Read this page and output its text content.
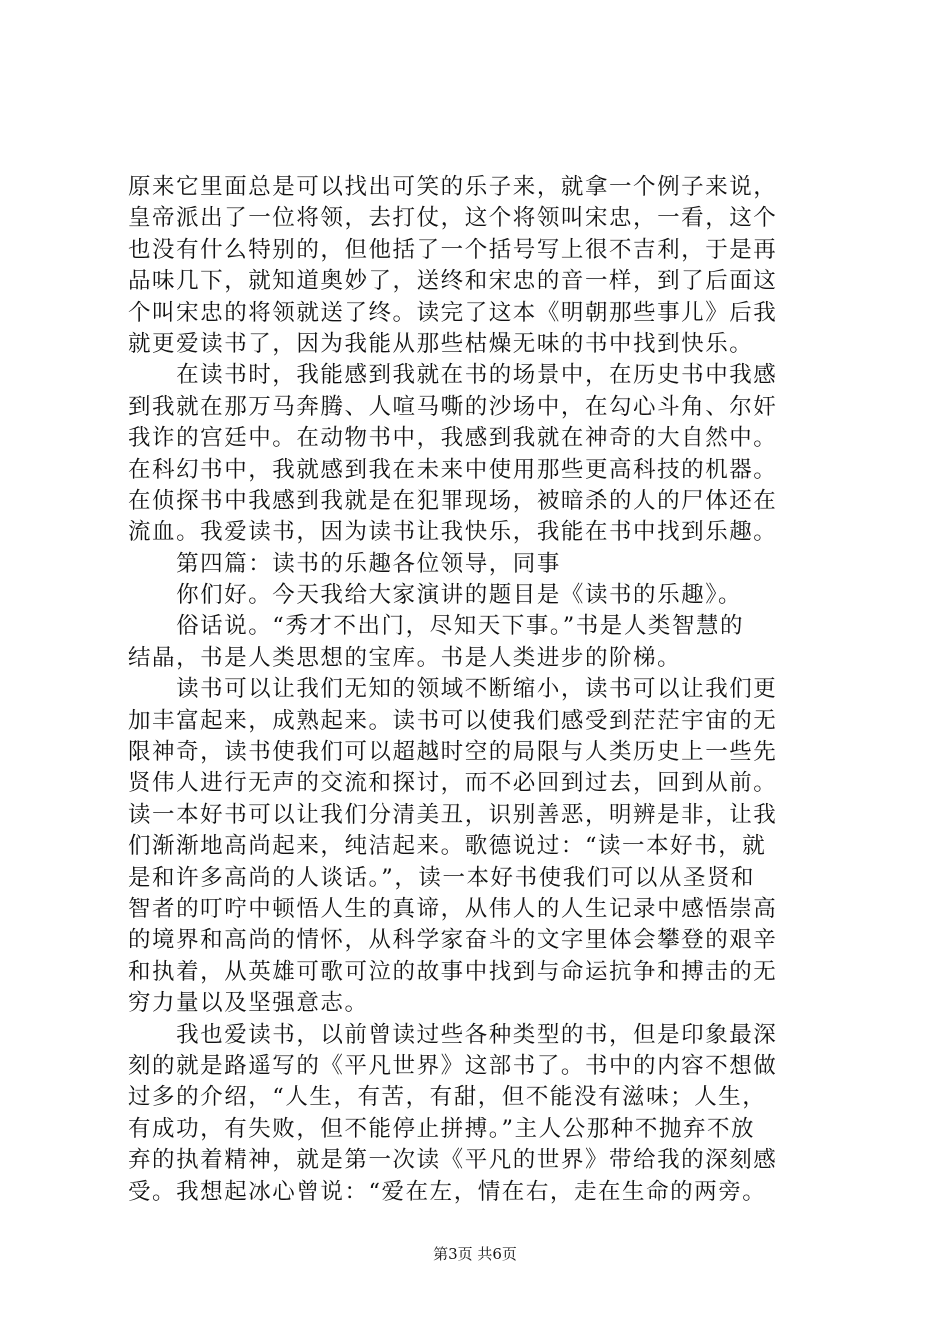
原来它里面总是可以找出可笑的乐子来，就拿一个例子来说，
皇帝派出了一位将领，去打仗，这个将领叫宋忠，一看，这个
也没有什么特别的，但他括了一个括号写上很不吉利，于是再
品味几下，就知道奥妙了，送终和宋忠的音一样，到了后面这
个叫宋忠的将领就送了终。读完了这本《明朝那些事儿》后我
就更爱读书了，因为我能从那些枯燥无味的书中找到快乐。
　　在读书时，我能感到我就在书的场景中，在历史书中我感
到我就在那万马奔腾、人喧马嘶的沙场中，在勾心斗角、尔奸
我诈的宫廷中。在动物书中，我感到我就在神奇的大自然中。
在科幻书中，我就感到我在未来中使用那些更高科技的机器。
在侦探书中我感到我就是在犯罪现场，被暗杀的人的尸体还在
流血。我爱读书，因为读书让我快乐，我能在书中找到乐趣。
　　第四篇：读书的乐趣各位领导，同事
　　你们好。今天我给大家演讲的题目是《读书的乐趣》。
　　俗话说。“秀才不出门，尽知天下事。”书是人类智慧的
结晶，书是人类思想的宝库。书是人类进步的阶梯。
　　读书可以让我们无知的领域不断缩小，读书可以让我们更
加丰富起来，成熟起来。读书可以使我们感受到茫茫宇宙的无
限神奇，读书使我们可以超越时空的局限与人类历史上一些先
贤伟人进行无声的交流和探讨，而不必回到过去，回到从前。
读一本好书可以让我们分清美丑，识别善恶，明辨是非，让我
们渐渐地高尚起来，纯洁起来。歌德说过：“读一本好书，就
是和许多高尚的人谈话。”，读一本好书使我们可以从圣贤和
智者的叮咛中顿悟人生的真谛，从伟人的人生记录中感悟崇高
的境界和高尚的情怀，从科学家奋斗的文字里体会攀登的艰辛
和执着，从英雄可歌可泣的故事中找到与命运抗争和搏击的无
穷力量以及坚强意志。
　　我也爱读书，以前曾读过些各种类型的书，但是印象最深
刻的就是路遥写的《平凡世界》这部书了。书中的内容不想做
过多的介绍，“人生，有苦，有甜，但不能没有滋味；人生，
有成功，有失败，但不能停止拼搏。”主人公那种不抛弃不放
弃的执着精神，就是第一次读《平凡的世界》带给我的深刻感
受。我想起冰心曾说：“爱在左，情在右，走在生命的两旁。
第3页 共6页
